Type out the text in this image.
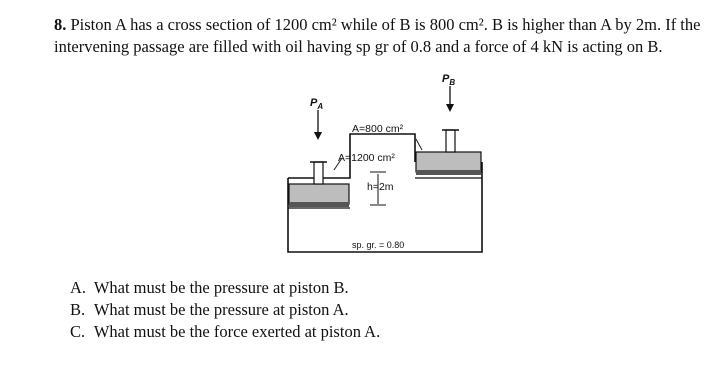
8. Piston A has a cross section of 1200 cm² while of B is 800 cm². B is higher than A by 2m. If the intervening passage are filled with oil having sp gr of 0.8 and a force of 4 kN is acting on B.
$P_A$
$P_B$
A=800 cm²
A=1200 cm²
h=2m
sp. gr. = 0.80
A. What must be the pressure at piston B.
B. What must be the pressure at piston A.
C. What must be the force exerted at piston A.
